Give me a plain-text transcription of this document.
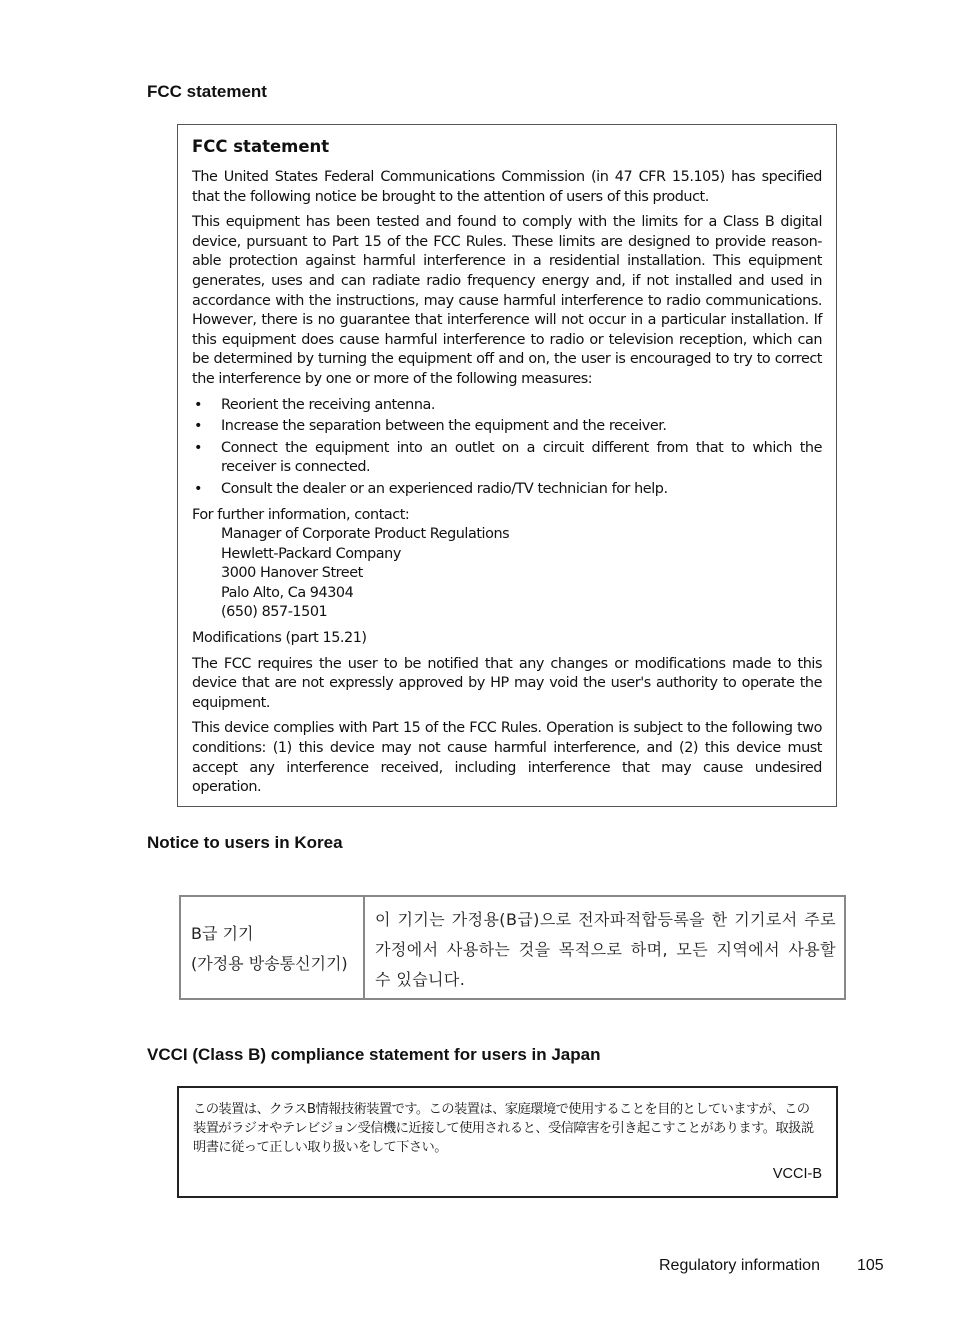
FCC statement
FCC statement

The United States Federal Communications Commission (in 47 CFR 15.105) has specified that the following notice be brought to the attention of users of this product.

This equipment has been tested and found to comply with the limits for a Class B digital device, pursuant to Part 15 of the FCC Rules. These limits are designed to provide reason-able protection against harmful interference in a residential installation. This equipment generates, uses and can radiate radio frequency energy and, if not installed and used in accordance with the instructions, may cause harmful interference to radio communications. However, there is no guarantee that interference will not occur in a particular installation. If this equipment does cause harmful interference to radio or television reception, which can be determined by turning the equipment off and on, the user is encouraged to try to correct the interference by one or more of the following measures:

• Reorient the receiving antenna.
• Increase the separation between the equipment and the receiver.
• Connect the equipment into an outlet on a circuit different from that to which the receiver is connected.
• Consult the dealer or an experienced radio/TV technician for help.

For further information, contact:

Manager of Corporate Product Regulations
Hewlett-Packard Company
3000 Hanover Street
Palo Alto, Ca 94304
(650) 857-1501

Modifications (part 15.21)

The FCC requires the user to be notified that any changes or modifications made to this device that are not expressly approved by HP may void the user's authority to operate the equipment.

This device complies with Part 15 of the FCC Rules. Operation is subject to the following two conditions: (1) this device may not cause harmful interference, and (2) this device must accept any interference received, including interference that may cause undesired operation.

Notice to users in Korea
B급 기기
(가정용 방송통신기기)
이 기기는 가정용(B급)으로 전자파적합등록을 한 기기로서 주로 가정에서 사용하는 것을 목적으로 하며, 모든 지역에서 사용할 수 있습니다.
VCCI (Class B) compliance statement for users in Japan

この装置は、クラスB情報技術装置です。この装置は、家庭環境で使用することを目的としていますが、この装置がラジオやテレビジョン受信機に近接して使用されると、受信障害を引き起こすことがあります。取扱説明書に従って正しい取り扱いをして下さい。

VCCI-B
Regulatory information 105
